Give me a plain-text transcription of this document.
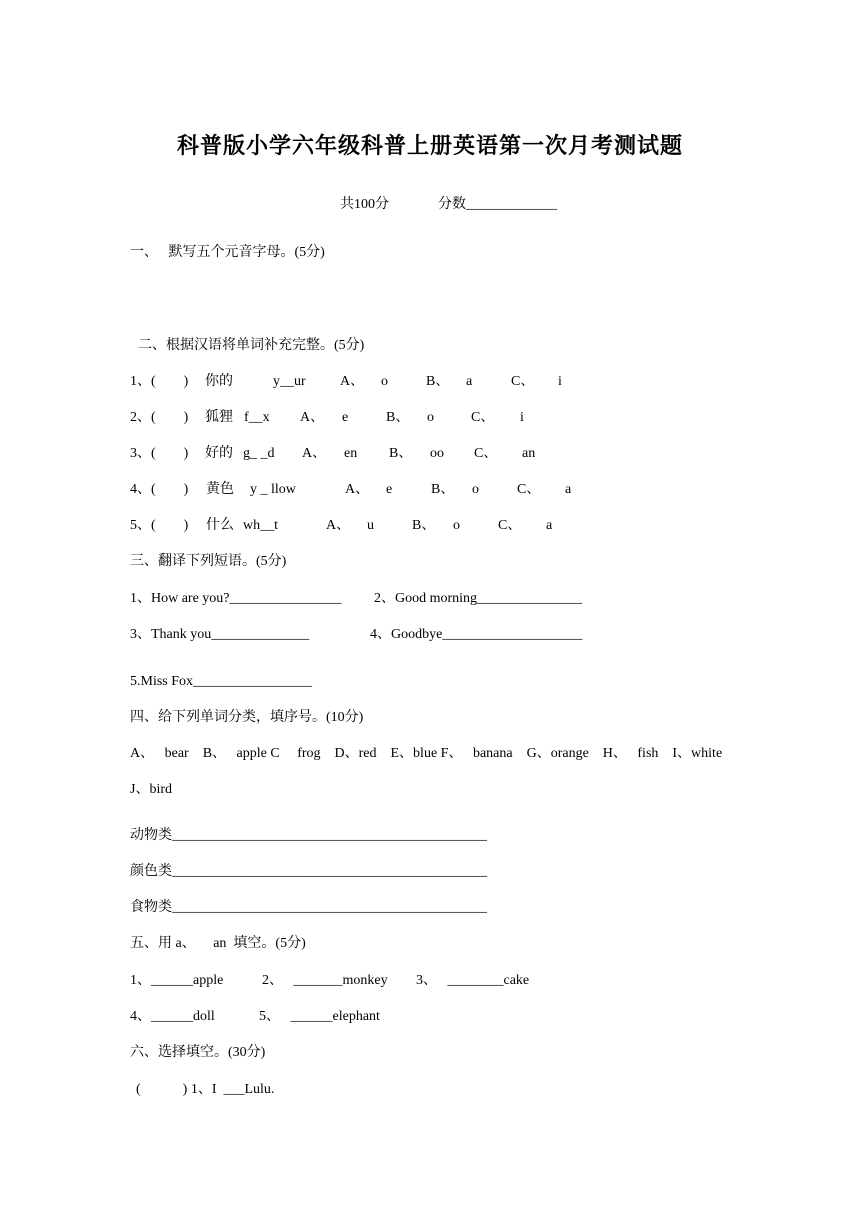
科普版小学六年级科普上册英语第一次月考测试题
共100分	分数_____________
一、   默写五个元音字母。(5分)
二、根据汉语将单词补充完整。(5分)
1、(        ) 你的	y__ur A、 o	B、 a	C、 i
2、(        ) 狐狸 f__x A、 e	B、 o	C、 i
3、(        ) 好的 g_ _d A、 en B、 oo C、 an
4、(        ) 黄色 y _ llow	A、 e	B、 o	C、 a
5、(        ) 什么 wh__t	A、 u	B、 o	C、 a
三、翻译下列短语。(5分)
1、How are you?________________ 2、Good morning_______________
3、Thank you______________	4、Goodbye____________________
5.Miss Fox_________________
四、给下列单词分类，填序号。(10分)
A、   bear    B、   apple C     frog    D、red    E、blue F、   banana    G、orange    H、   fish    I、white
J、bird
动物类_____________________________________________
颜色类_____________________________________________
食物类_____________________________________________
五、用 a、     an  填空。(5分)
1、______apple	2、   _______monkey 3、   ________cake
4、______doll	5、   ______elephant
六、选择填空。(30分)
(            ) 1、I  ___Lulu.
